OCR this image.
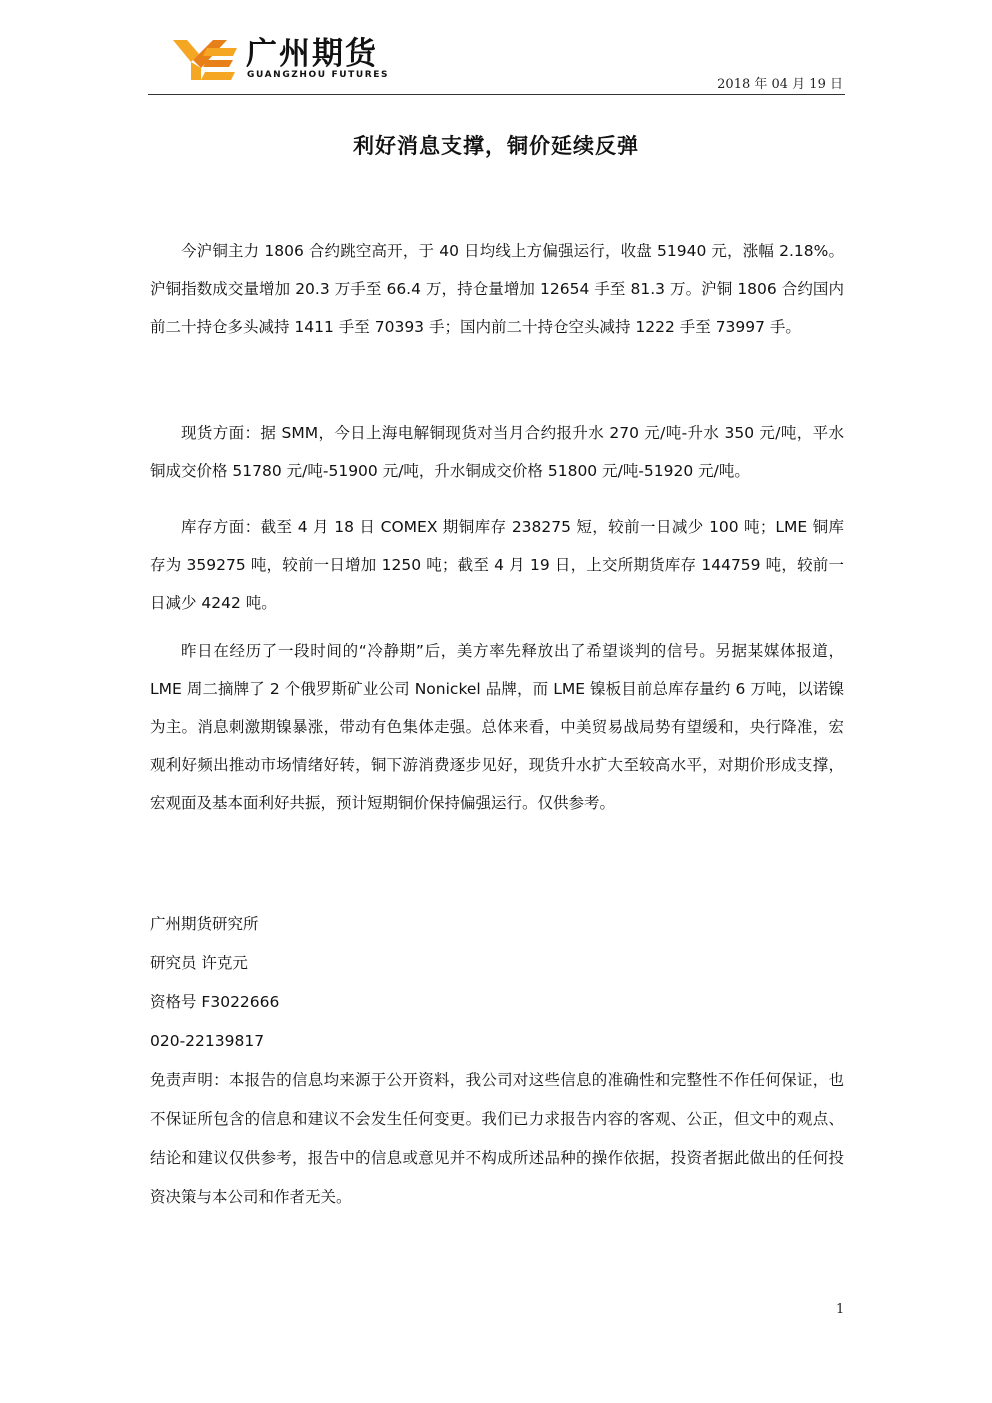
广州期货
GUANGZHOU FUTURES
2018 年 04 月 19 日
利好消息支撑，铜价延续反弹

今沪铜主力 1806 合约跳空高开，于 40 日均线上方偏强运行，收盘 51940 元，涨幅 2.18%。沪铜指数成交量增加 20.3 万手至 66.4 万，持仓量增加 12654 手至 81.3 万。沪铜 1806 合约国内前二十持仓多头减持 1411 手至 70393 手；国内前二十持仓空头减持 1222 手至 73997 手。

现货方面：据 SMM，今日上海电解铜现货对当月合约报升水 270 元/吨-升水 350 元/吨，平水铜成交价格 51780 元/吨-51900 元/吨，升水铜成交价格 51800 元/吨-51920 元/吨。

库存方面：截至 4 月 18 日 COMEX 期铜库存 238275 短，较前一日减少 100 吨；LME 铜库存为 359275 吨，较前一日增加 1250 吨；截至 4 月 19 日，上交所期货库存 144759 吨，较前一日减少 4242 吨。

昨日在经历了一段时间的“冷静期”后，美方率先释放出了希望谈判的信号。另据某媒体报道，LME 周二摘牌了 2 个俄罗斯矿业公司 Nonickel 品牌，而 LME 镍板目前总库存量约 6 万吨，以诺镍为主。消息刺激期镍暴涨，带动有色集体走强。总体来看，中美贸易战局势有望缓和，央行降准，宏观利好频出推动市场情绪好转，铜下游消费逐步见好，现货升水扩大至较高水平，对期价形成支撑，宏观面及基本面利好共振，预计短期铜价保持偏强运行。仅供参考。

广州期货研究所
研究员 许克元
资格号 F3022666
020-22139817

免责声明：本报告的信息均来源于公开资料，我公司对这些信息的准确性和完整性不作任何保证，也不保证所包含的信息和建议不会发生任何变更。我们已力求报告内容的客观、公正，但文中的观点、结论和建议仅供参考，报告中的信息或意见并不构成所述品种的操作依据，投资者据此做出的任何投资决策与本公司和作者无关。

1
